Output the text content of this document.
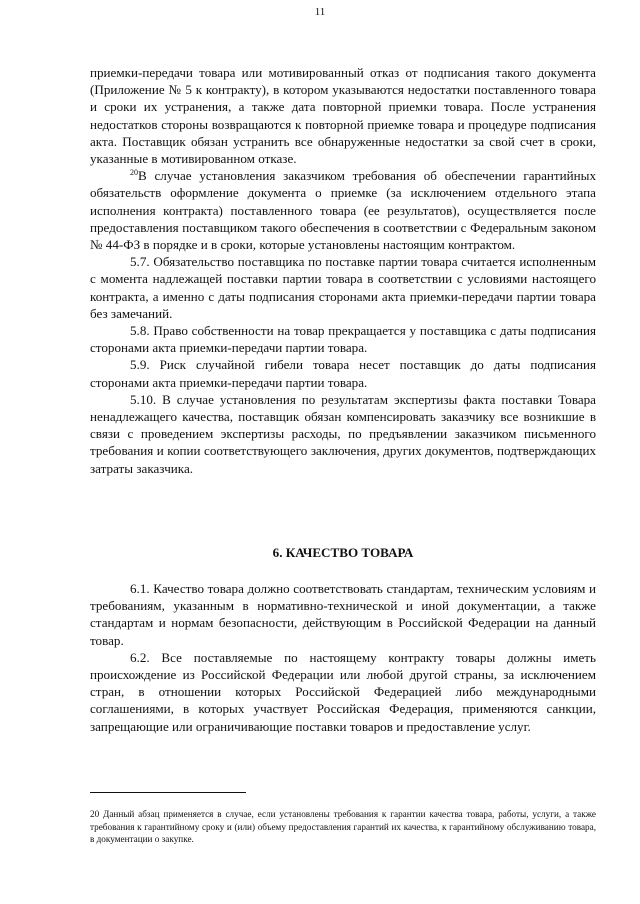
11

приемки-передачи товара или мотивированный отказ от подписания такого документа (Приложение № 5 к контракту), в котором указываются недостатки поставленного товара и сроки их устранения, а также дата повторной приемки товара. После устранения недостатков стороны возвращаются к повторной приемке товара и процедуре подписания акта. Поставщик обязан устранить все обнаруженные недостатки за свой счет в сроки, указанные в мотивированном отказе.

$^{20}$В случае установления заказчиком требования об обеспечении гарантийных обязательств оформление документа о приемке (за исключением отдельного этапа исполнения контракта) поставленного товара (ее результатов), осуществляется после предоставления поставщиком такого обеспечения в соответствии с Федеральным законом № 44-ФЗ в порядке и в сроки, которые установлены настоящим контрактом.

5.7. Обязательство поставщика по поставке партии товара считается исполненным с момента надлежащей поставки партии товара в соответствии с условиями настоящего контракта, а именно с даты подписания сторонами акта приемки-передачи партии товара без замечаний.

5.8. Право собственности на товар прекращается у поставщика с даты подписания сторонами акта приемки-передачи партии товара.

5.9. Риск случайной гибели товара несет поставщик до даты подписания сторонами акта приемки-передачи партии товара.

5.10. В случае установления по результатам экспертизы факта поставки Товара ненадлежащего качества, поставщик обязан компенсировать заказчику все возникшие в связи с проведением экспертизы расходы, по предъявлении заказчиком письменного требования и копии соответствующего заключения, других документов, подтверждающих затраты заказчика.

6. КАЧЕСТВО ТОВАРА

6.1. Качество товара должно соответствовать стандартам, техническим условиям и требованиям, указанным в нормативно-технической и иной документации, а также стандартам и нормам безопасности, действующим в Российской Федерации на данный товар.

6.2. Все поставляемые по настоящему контракту товары должны иметь происхождение из Российской Федерации или любой другой страны, за исключением стран, в отношении которых Российской Федерацией либо международными соглашениями, в которых участвует Российская Федерация, применяются санкции, запрещающие или ограничивающие поставки товаров и предоставление услуг.

20 Данный абзац применяется в случае, если установлены требования к гарантии качества товара, работы, услуги, а также требования к гарантийному сроку и (или) объему предоставления гарантий их качества, к гарантийному обслуживанию товара, в документации о закупке.
